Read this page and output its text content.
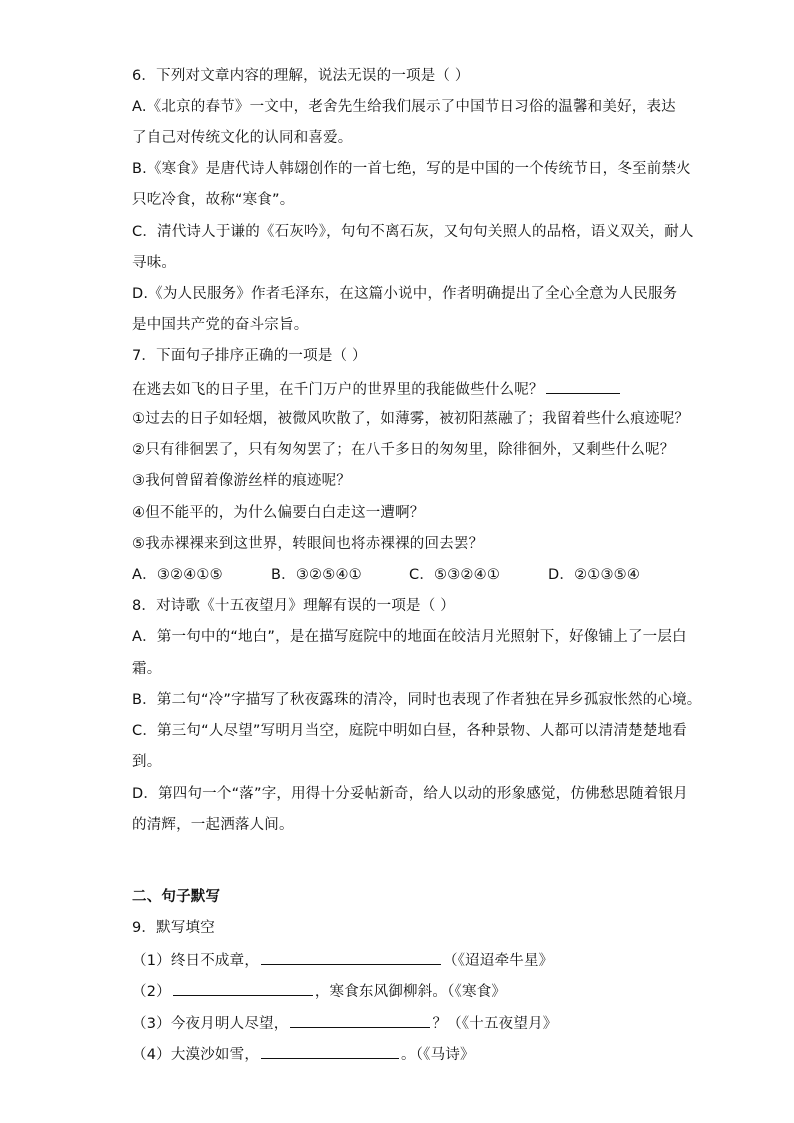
6．下列对文章内容的理解，说法无误的一项是（ ）
A.《北京的春节》一文中，老舍先生给我们展示了中国节日习俗的温馨和美好，表达
了自己对传统文化的认同和喜爱。
B.《寒食》是唐代诗人韩翃创作的一首七绝，写的是中国的一个传统节日，冬至前禁火
只吃冷食，故称“寒食”。
C．清代诗人于谦的《石灰吟》，句句不离石灰，又句句关照人的品格，语义双关，耐人
寻味。
D.《为人民服务》作者毛泽东，在这篇小说中，作者明确提出了全心全意为人民服务
是中国共产党的奋斗宗旨。
7．下面句子排序正确的一项是（ ）
在逃去如飞的日子里，在千门万户的世界里的我能做些什么呢？
①过去的日子如轻烟，被微风吹散了，如薄雾，被初阳蒸融了；我留着些什么痕迹呢？
②只有徘徊罢了，只有匆匆罢了；在八千多日的匆匆里，除徘徊外，又剩些什么呢？
③我何曾留着像游丝样的痕迹呢？
④但不能平的，为什么偏要白白走这一遭啊？
⑤我赤裸裸来到这世界，转眼间也将赤裸裸的回去罢？
A．③②④①⑤	B．③②⑤④①	C．⑤③②④①	D．②①③⑤④
8．对诗歌《十五夜望月》理解有误的一项是（ ）
A．第一句中的“地白”，是在描写庭院中的地面在皎洁月光照射下，好像铺上了一层白
霜。
B．第二句“冷”字描写了秋夜露珠的清冷，同时也表现了作者独在异乡孤寂怅然的心境。
C．第三句“人尽望”写明月当空，庭院中明如白昼，各种景物、人都可以清清楚楚地看
到。
D．第四句一个“落”字，用得十分妥帖新奇，给人以动的形象感觉，仿佛愁思随着银月
的清辉，一起洒落人间。
二、句子默写
9．默写填空
（1）终日不成章，	（《迢迢牵牛星》
（2）	，寒食东风御柳斜。（《寒食》
（3）今夜月明人尽望，	？（《十五夜望月》
（4）大漠沙如雪，	。（《马诗》
